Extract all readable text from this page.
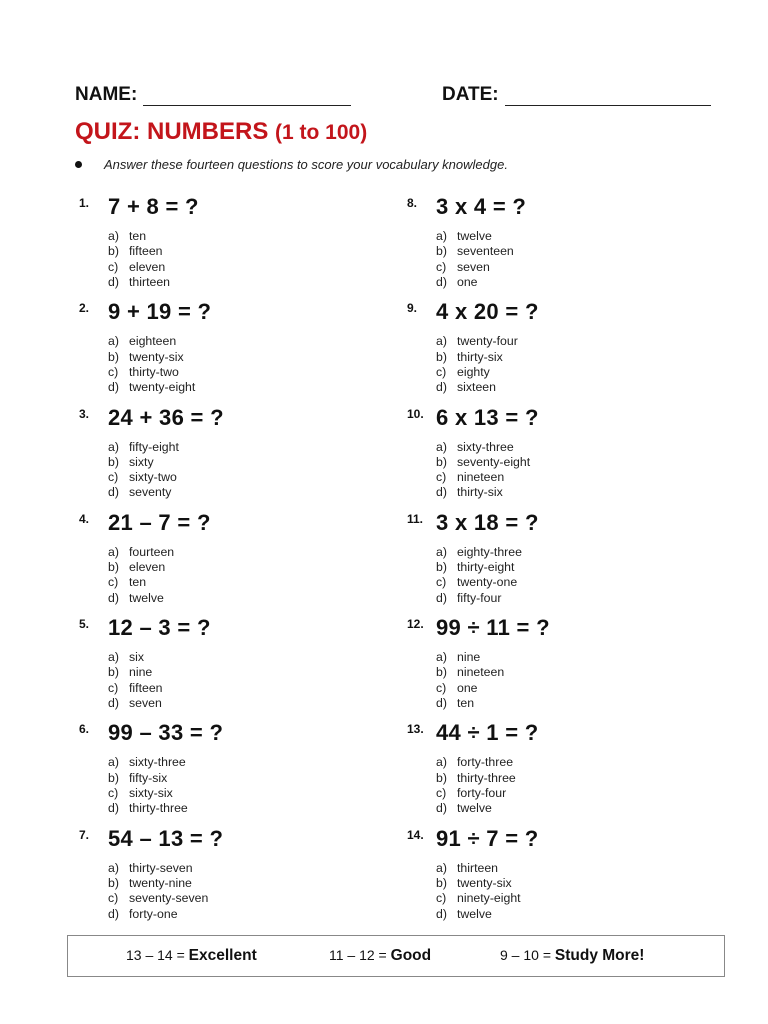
NAME:	DATE:
QUIZ: NUMBERS (1 to 100)
Answer these fourteen questions to score your vocabulary knowledge.
1. 7 + 8 = ?
a) ten
b) fifteen
c) eleven
d) thirteen
2. 9 + 19 = ?
a) eighteen
b) twenty-six
c) thirty-two
d) twenty-eight
3. 24 + 36 = ?
a) fifty-eight
b) sixty
c) sixty-two
d) seventy
4. 21 – 7 = ?
a) fourteen
b) eleven
c) ten
d) twelve
5. 12 – 3 = ?
a) six
b) nine
c) fifteen
d) seven
6. 99 – 33 = ?
a) sixty-three
b) fifty-six
c) sixty-six
d) thirty-three
7. 54 – 13 = ?
a) thirty-seven
b) twenty-nine
c) seventy-seven
d) forty-one
8. 3 x 4 = ?
a) twelve
b) seventeen
c) seven
d) one
9. 4 x 20 = ?
a) twenty-four
b) thirty-six
c) eighty
d) sixteen
10. 6 x 13 = ?
a) sixty-three
b) seventy-eight
c) nineteen
d) thirty-six
11. 3 x 18 = ?
a) eighty-three
b) thirty-eight
c) twenty-one
d) fifty-four
12. 99 ÷ 11 = ?
a) nine
b) nineteen
c) one
d) ten
13. 44 ÷ 1 = ?
a) forty-three
b) thirty-three
c) forty-four
d) twelve
14. 91 ÷ 7 = ?
a) thirteen
b) twenty-six
c) ninety-eight
d) twelve
13 – 14 = Excellent	11 – 12 = Good	9 – 10 = Study More!
